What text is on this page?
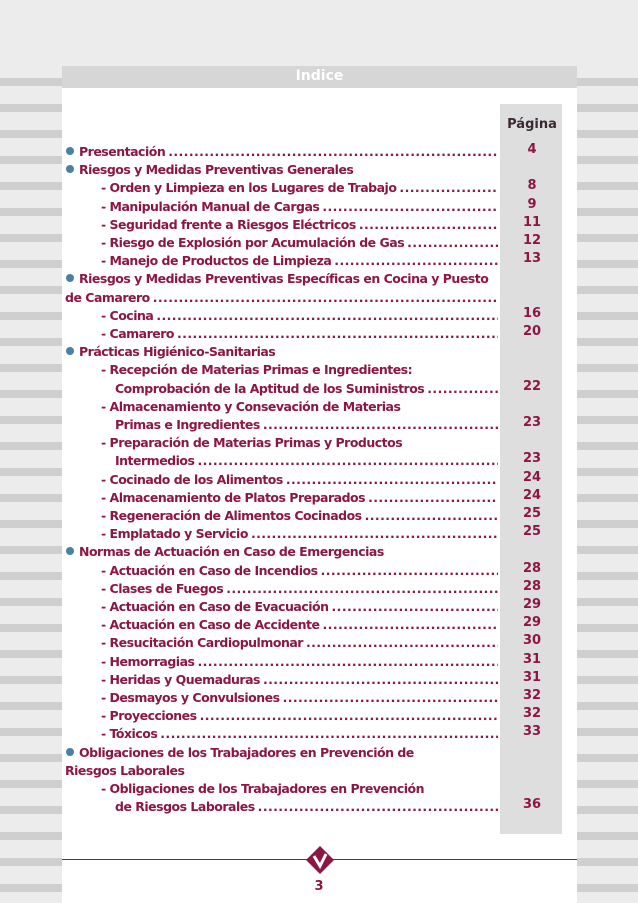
Indice
Página
Presentación .....	4
Riesgos y Medidas Preventivas Generales
- Orden y Limpieza en los Lugares de Trabajo .....	8
- Manipulación Manual de Cargas .....	9
- Seguridad frente a Riesgos Eléctricos .....	11
- Riesgo de Explosión por Acumulación de Gas .....	12
- Manejo de Productos de Limpieza .....	13
Riesgos y Medidas Preventivas Específicas en Cocina y Puesto
de Camarero
.....
- Cocina .....	16
- Camarero .....	20
Prácticas Higiénico-Sanitarias
- Recepción de Materias Primas e Ingredientes:
Comprobación de la Aptitud de los Suministros .....	22
- Almacenamiento y Consevación de Materias
Primas e Ingredientes .....	23
- Preparación de Materias Primas y Productos
Intermedios .....	23
- Cocinado de los Alimentos .....	24
- Almacenamiento de Platos Preparados .....	24
- Regeneración de Alimentos Cocinados .....	25
- Emplatado y Servicio .....	25
Normas de Actuación en Caso de Emergencias
- Actuación en Caso de Incendios .....	28
- Clases de Fuegos .....	28
- Actuación en Caso de Evacuación .....	29
- Actuación en Caso de Accidente .....	29
- Resucitación Cardiopulmonar .....	30
- Hemorragias .....	31
- Heridas y Quemaduras .....	31
- Desmayos y Convulsiones .....	32
- Proyecciones .....	32
- Tóxicos .....	33
Obligaciones de los Trabajadores en Prevención de
Riesgos Laborales
- Obligaciones de los Trabajadores en Prevención
de Riesgos Laborales .....	36
3
